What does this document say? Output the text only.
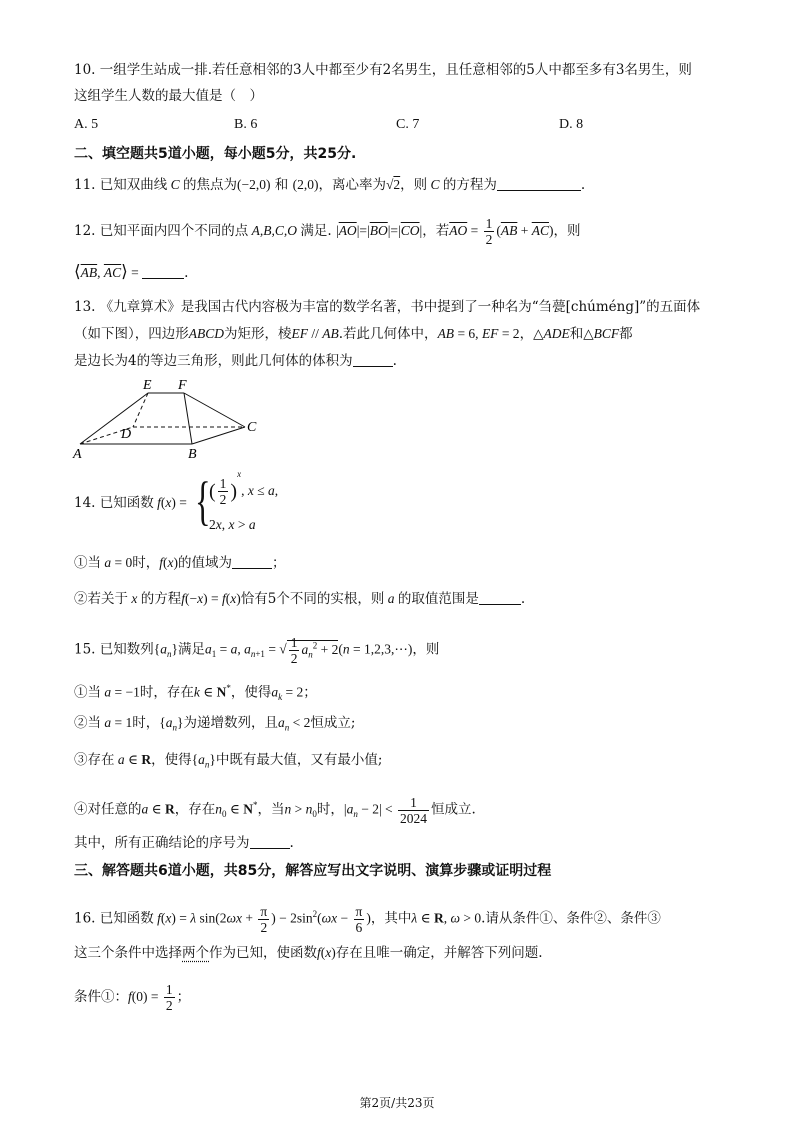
10. 一组学生站成一排.若任意相邻的3人中都至少有2名男生，且任意相邻的5人中都至多有3名男生，则
这组学生人数的最大值是（　）
A. 5	B. 6	C. 7	D. 8
二、填空题共5道小题，每小题5分，共25分.
11. 已知双曲线 C 的焦点为(−2,0) 和 (2,0)，离心率为√2，则 C 的方程为	.
12. 已知平面内四个不同的点 A,B,C,O 满足. $|\overline{AO}|=|\overline{BO}|=|\overline{CO}|$，若$\overline{AO} = \frac{1}{2} (\overline{AB} + \overline{AC})$，则
$⟨\overline{AB}$, $\overline{AC}⟩$ =	.
13. 《九章算术》是我国古代内容极为丰富的数学名著，书中提到了一种名为“刍甍[chúméng]”的五面体
（如下图），四边形ABCD为矩形，棱EF // AB.若此几何体中，AB = 6, EF = 2，△ADE和△BCF都
是边长为4的等边三角形，则此几何体的体积为	.
E F
D	C
A	B
14. 已知函数 f(x) = {
( $\frac{1}{2} )^x$, x ≤ a,
2x, x > a
①当 a = 0时，f(x)的值域为	；
②若关于 x 的方程f(−x) = f(x)恰有5个不同的实根，则 a 的取值范围是	.
15. 已知数列$\{a_n\}$满足$a_1 = a$, $a_{n+1}$ = √ $\frac{1}{2} a_n^2 + 2(n$ = 1,2,3,⋯)，则
①当 a = −1时，存在k ∈ N*，使得$a_k = 2$；
②当 a = 1时，$\{a_n\}$为递增数列，且$a_n < 2$恒成立;
③存在 a ∈ R，使得$\{a_n\}$中既有最大值，又有最小值;
④对任意的a ∈ R，存在$n_0$ ∈ N*，当$n > n_0$时，$|a_n - 2| < \frac{1}{2024}$ 恒成立.
其中，所有正确结论的序号为	.
三、解答题共6道小题，共85分，解答应写出文字说明、演算步骤或证明过程
16. 已知函数 f(x) = λ $\sin(2\omega x + \frac{\pi}{2}$ ) − $2\sin^2(\omega x - \frac{\pi}{6}$ )，其中λ ∈ R, ω > 0.请从条件①、条件②、条件③
这三个条件中选择两个作为已知，使函数f(x)存在且唯一确定，并解答下列问题.
条件①：$f(0) = \frac{1}{2}$ ；
第2页/共23页
